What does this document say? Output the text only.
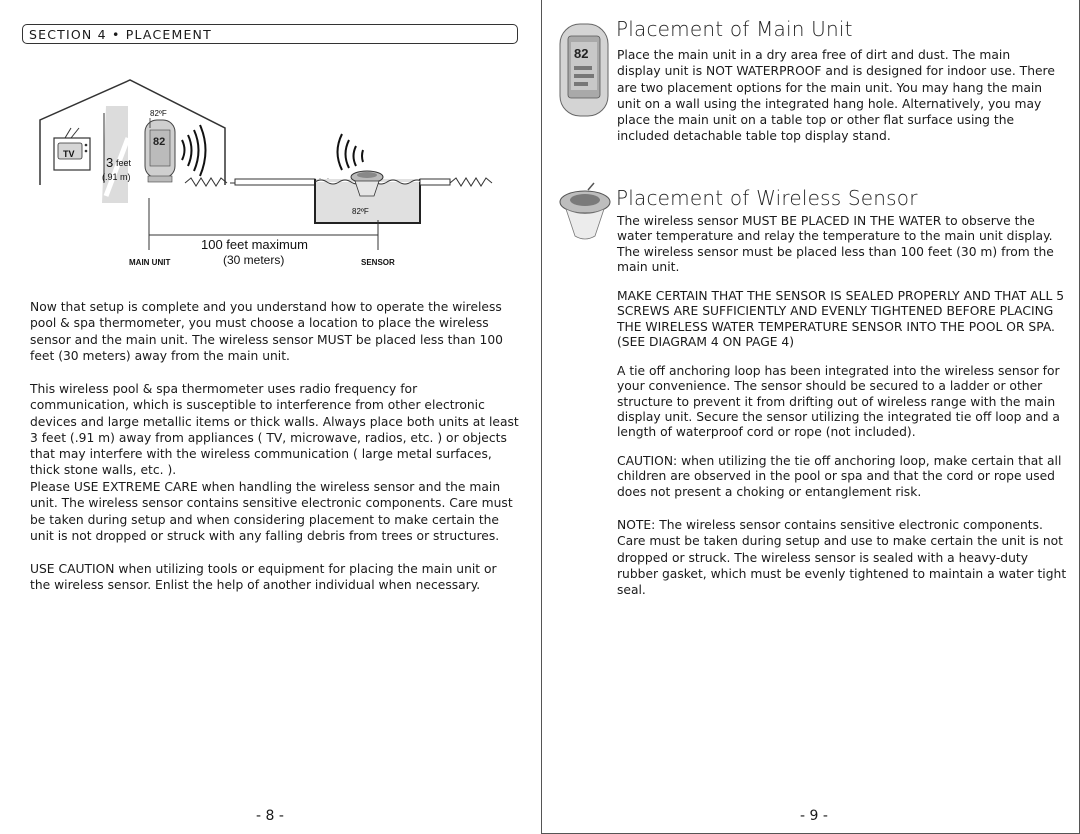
SECTION 4 • PLACEMENT
TV
3 feet
(.91 m)
82
82ºF
82ºF
100 feet maximum
(30 meters)
MAIN UNIT	SENSOR

Now that setup is complete and you understand how to operate the wireless pool & spa thermometer, you must choose a location to place the wireless sensor and the main unit. The wireless sensor MUST be placed less than 100 feet (30 meters) away from the main unit.

This wireless pool & spa thermometer uses radio frequency for communication, which is susceptible to interference from other electronic devices and large metallic items or thick walls. Always place both units at least 3 feet (.91 m) away from appliances ( TV, microwave, radios, etc. ) or objects that may interfere with the wireless communication ( large metal surfaces, thick stone walls, etc. ).

Please USE EXTREME CARE when handling the wireless sensor and the main unit. The wireless sensor contains sensitive electronic components. Care must be taken during setup and when considering placement to make certain the unit is not dropped or struck with any falling debris from trees or structures.

USE CAUTION when utilizing tools or equipment for placing the main unit or the wireless sensor. Enlist the help of another individual when necessary.

- 8 -
82
Placement of Main Unit

Place the main unit in a dry area free of dirt and dust. The main display unit is NOT WATERPROOF and is designed for indoor use. There are two placement options for the main unit. You may hang the main unit on a wall using the integrated hang hole. Alternatively, you may place the main unit on a table top or other flat surface using the included detachable table top display stand.

Placement of Wireless Sensor

The wireless sensor MUST BE PLACED IN THE WATER to observe the water temperature and relay the temperature to the main unit display. The wireless sensor must be placed less than 100 feet (30 m) from the main unit.

MAKE CERTAIN THAT THE SENSOR IS SEALED PROPERLY AND THAT ALL 5 SCREWS ARE SUFFICIENTLY AND EVENLY TIGHTENED BEFORE PLACING THE WIRELESS WATER TEMPERATURE SENSOR INTO THE POOL OR SPA. (SEE DIAGRAM 4 ON PAGE 4)

A tie off anchoring loop has been integrated into the wireless sensor for your convenience. The sensor should be secured to a ladder or other structure to prevent it from drifting out of wireless range with the main display unit. Secure the sensor utilizing the integrated tie off loop and a length of waterproof cord or rope (not included).

CAUTION: when utilizing the tie off anchoring loop, make certain that all children are observed in the pool or spa and that the cord or rope used does not present a choking or entanglement risk.

NOTE: The wireless sensor contains sensitive electronic components. Care must be taken during setup and use to make certain the unit is not dropped or struck. The wireless sensor is sealed with a heavy-duty rubber gasket, which must be evenly tightened to maintain a water tight seal.

- 9 -
